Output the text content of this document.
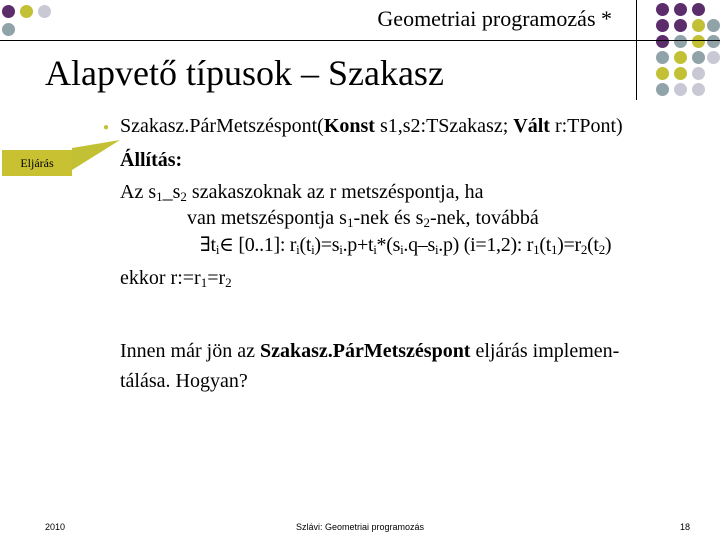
Geometriai programozás *
Alapvető típusok – Szakasz
Eljárás
● Szakasz.PárMetszéspont(Konst s1,s2:TSzakasz; Vált r:TPont)
Állítás:
Az $s_1\_s_2$ szakaszoknak az r metszéspontja, ha
van metszéspontja $s_1$-nek és $s_2$-nek, továbbá
$\exists t_i\in$ [0..1]: $r_i(t_i)=s_i.p+t_i*(s_i.q-s_i.p)$ (i=1,2): $r_1(t_1)=r_2(t_2)$
ekkor $r:=r_1=r_2$
Innen már jön az Szakasz.PárMetszéspont eljárás implemen-
tálása. Hogyan?
2010	Szlávi: Geometriai programozás	18
